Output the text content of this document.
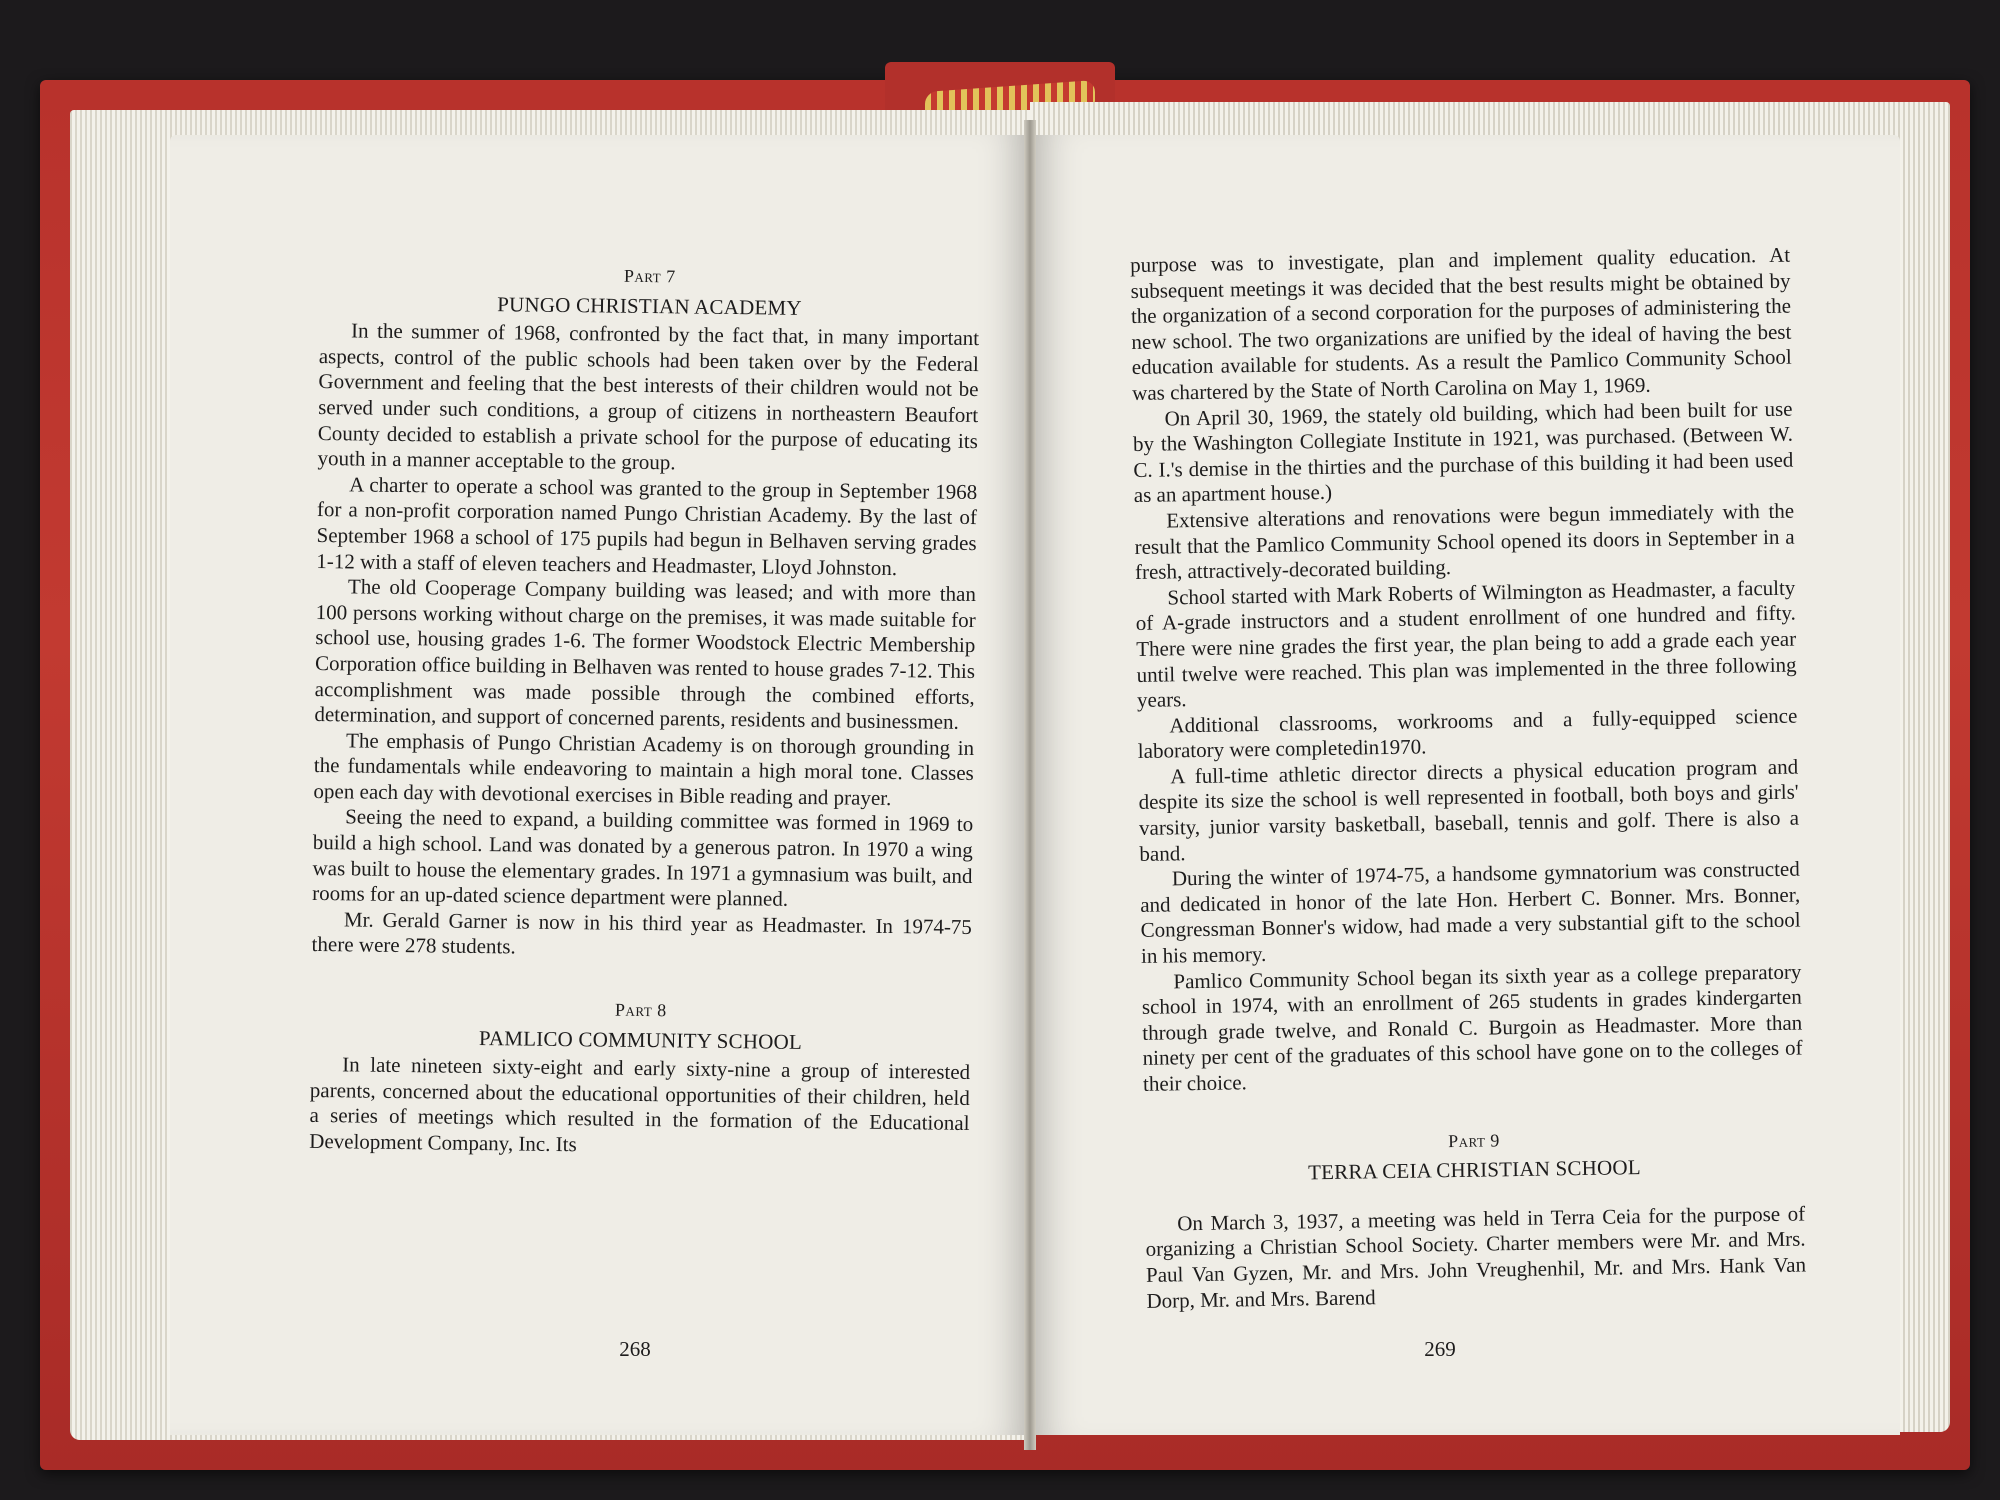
Part 7
PUNGO CHRISTIAN ACADEMY

In the summer of 1968, confronted by the fact that, in many important aspects, control of the public schools had been taken over by the Federal Government and feeling that the best interests of their children would not be served under such conditions, a group of citizens in northeastern Beaufort County decided to establish a private school for the purpose of educating its youth in a manner acceptable to the group.

A charter to operate a school was granted to the group in September 1968 for a non-profit corporation named Pungo Christian Academy. By the last of September 1968 a school of 175 pupils had begun in Belhaven serving grades 1-12 with a staff of eleven teachers and Headmaster, Lloyd Johnston.

The old Cooperage Company building was leased; and with more than 100 persons working without charge on the premises, it was made suitable for school use, housing grades 1-6. The former Woodstock Electric Membership Corporation office building in Belhaven was rented to house grades 7-12. This accomplishment was made possible through the combined efforts, determination, and support of concerned parents, residents and businessmen.

The emphasis of Pungo Christian Academy is on thorough grounding in the fundamentals while endeavoring to maintain a high moral tone. Classes open each day with devotional exercises in Bible reading and prayer.

Seeing the need to expand, a building committee was formed in 1969 to build a high school. Land was donated by a generous patron. In 1970 a wing was built to house the elementary grades. In 1971 a gymnasium was built, and rooms for an up-dated science department were planned.

Mr. Gerald Garner is now in his third year as Headmaster. In 1974-75 there were 278 students.

Part 8
PAMLICO COMMUNITY SCHOOL

In late nineteen sixty-eight and early sixty-nine a group of interested parents, concerned about the educational opportunities of their children, held a series of meetings which resulted in the formation of the Educational Development Company, Inc. Its

268

purpose was to investigate, plan and implement quality education. At subsequent meetings it was decided that the best results might be obtained by the organization of a second corporation for the purposes of administering the new school. The two organizations are unified by the ideal of having the best education available for students. As a result the Pamlico Community School was chartered by the State of North Carolina on May 1, 1969.

On April 30, 1969, the stately old building, which had been built for use by the Washington Collegiate Institute in 1921, was purchased. (Between W. C. I.'s demise in the thirties and the purchase of this building it had been used as an apartment house.)

Extensive alterations and renovations were begun immediately with the result that the Pamlico Community School opened its doors in September in a fresh, attractively-decorated building.

School started with Mark Roberts of Wilmington as Headmaster, a faculty of A-grade instructors and a student enrollment of one hundred and fifty. There were nine grades the first year, the plan being to add a grade each year until twelve were reached. This plan was implemented in the three following years.

Additional classrooms, workrooms and a fully-equipped science laboratory were completedin1970.

A full-time athletic director directs a physical education program and despite its size the school is well represented in football, both boys and girls' varsity, junior varsity basketball, baseball, tennis and golf. There is also a band.

During the winter of 1974-75, a handsome gymnatorium was constructed and dedicated in honor of the late Hon. Herbert C. Bonner. Mrs. Bonner, Congressman Bonner's widow, had made a very substantial gift to the school in his memory.

Pamlico Community School began its sixth year as a college preparatory school in 1974, with an enrollment of 265 students in grades kindergarten through grade twelve, and Ronald C. Burgoin as Headmaster. More than ninety per cent of the graduates of this school have gone on to the colleges of their choice.

Part 9
TERRA CEIA CHRISTIAN SCHOOL

On March 3, 1937, a meeting was held in Terra Ceia for the purpose of organizing a Christian School Society. Charter members were Mr. and Mrs. Paul Van Gyzen, Mr. and Mrs. John Vreughenhil, Mr. and Mrs. Hank Van Dorp, Mr. and Mrs. Barend

269
